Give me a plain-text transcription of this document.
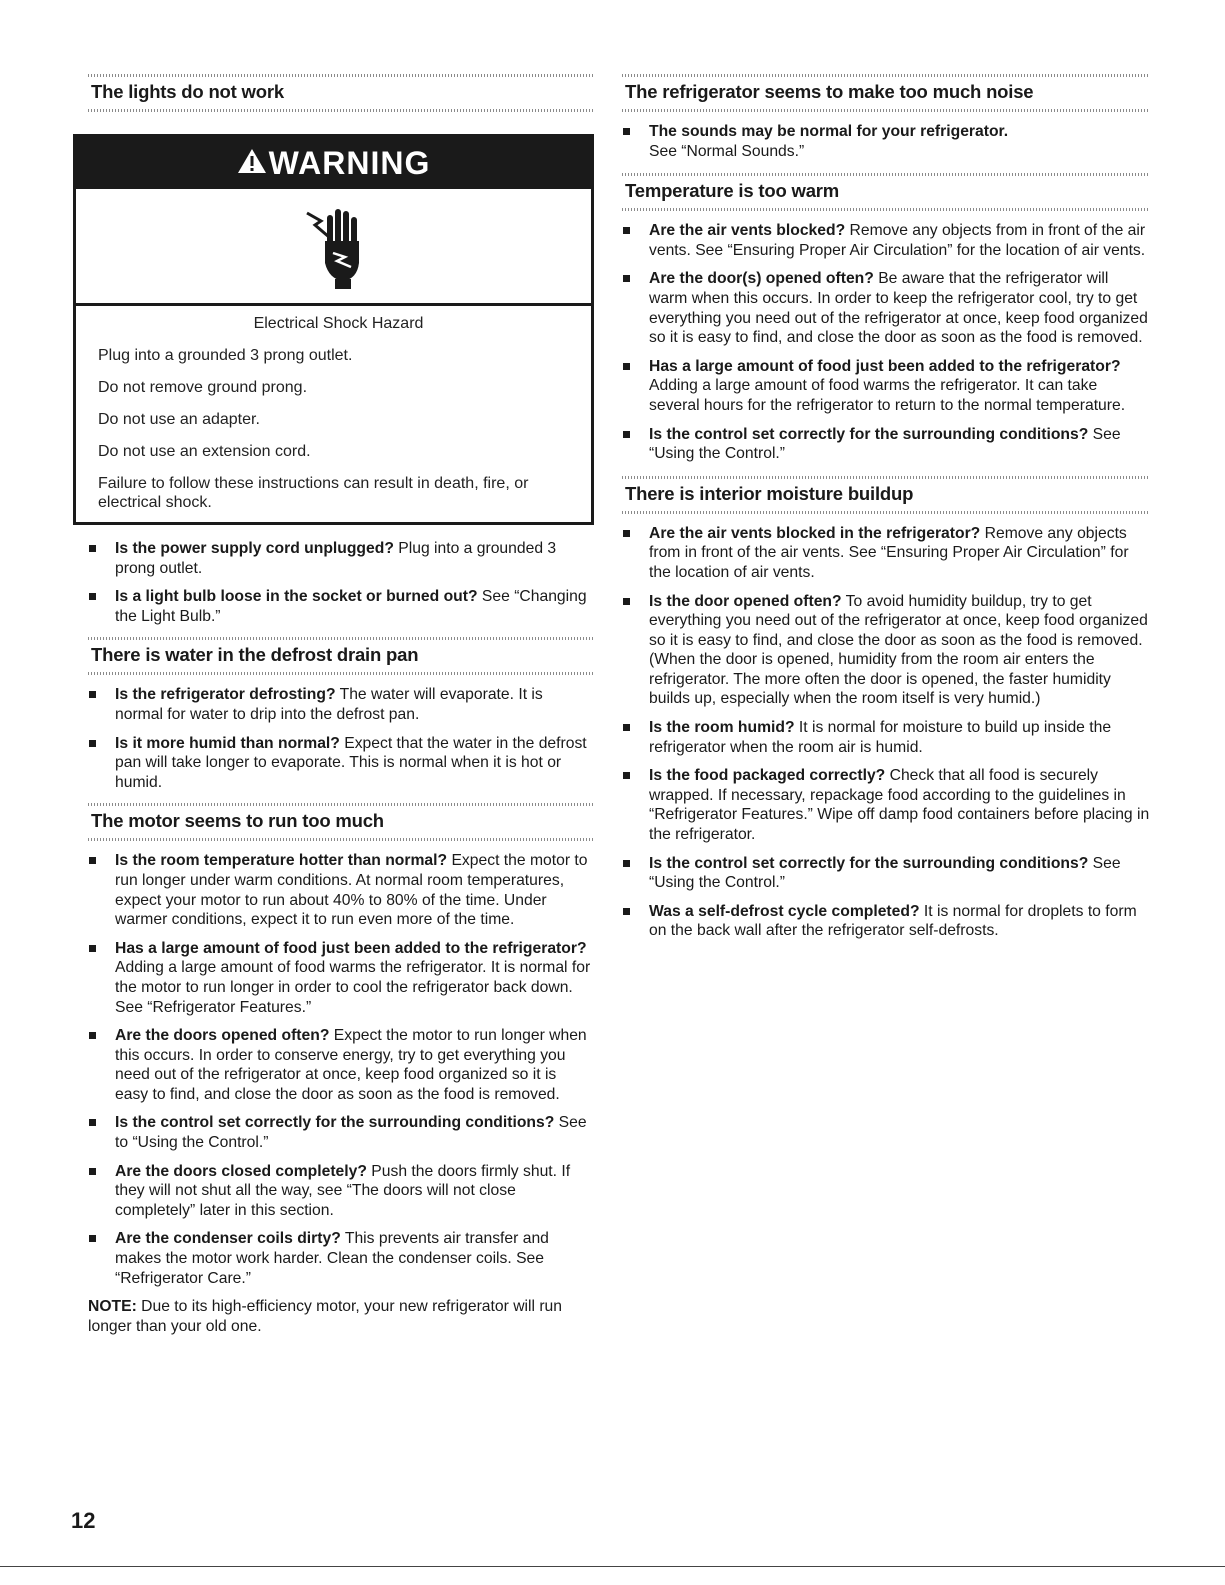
The lights do not work
WARNING

Electrical Shock Hazard

Plug into a grounded 3 prong outlet.

Do not remove ground prong.

Do not use an adapter.

Do not use an extension cord.

Failure to follow these instructions can result in death, fire, or electrical shock.

Is the power supply cord unplugged? Plug into a grounded 3 prong outlet.
Is a light bulb loose in the socket or burned out? See “Changing the Light Bulb.”
There is water in the defrost drain pan
Is the refrigerator defrosting? The water will evaporate. It is normal for water to drip into the defrost pan.
Is it more humid than normal? Expect that the water in the defrost pan will take longer to evaporate. This is normal when it is hot or humid.
The motor seems to run too much
Is the room temperature hotter than normal? Expect the motor to run longer under warm conditions. At normal room temperatures, expect your motor to run about 40% to 80% of the time. Under warmer conditions, expect it to run even more of the time.
Has a large amount of food just been added to the refrigerator? Adding a large amount of food warms the refrigerator. It is normal for the motor to run longer in order to cool the refrigerator back down. See “Refrigerator Features.”
Are the doors opened often? Expect the motor to run longer when this occurs. In order to conserve energy, try to get everything you need out of the refrigerator at once, keep food organized so it is easy to find, and close the door as soon as the food is removed.
Is the control set correctly for the surrounding conditions? See to “Using the Control.”
Are the doors closed completely? Push the doors firmly shut. If they will not shut all the way, see “The doors will not close completely” later in this section.
Are the condenser coils dirty? This prevents air transfer and makes the motor work harder. Clean the condenser coils. See “Refrigerator Care.”
NOTE: Due to its high-efficiency motor, your new refrigerator will run longer than your old one.
The refrigerator seems to make too much noise
The sounds may be normal for your refrigerator.
See “Normal Sounds.”
Temperature is too warm
Are the air vents blocked? Remove any objects from in front of the air vents. See “Ensuring Proper Air Circulation” for the location of air vents.
Are the door(s) opened often? Be aware that the refrigerator will warm when this occurs. In order to keep the refrigerator cool, try to get everything you need out of the refrigerator at once, keep food organized so it is easy to find, and close the door as soon as the food is removed.
Has a large amount of food just been added to the refrigerator? Adding a large amount of food warms the refrigerator. It can take several hours for the refrigerator to return to the normal temperature.
Is the control set correctly for the surrounding conditions? See “Using the Control.”
There is interior moisture buildup
Are the air vents blocked in the refrigerator? Remove any objects from in front of the air vents. See “Ensuring Proper Air Circulation” for the location of air vents.
Is the door opened often? To avoid humidity buildup, try to get everything you need out of the refrigerator at once, keep food organized so it is easy to find, and close the door as soon as the food is removed. (When the door is opened, humidity from the room air enters the refrigerator. The more often the door is opened, the faster humidity builds up, especially when the room itself is very humid.)
Is the room humid? It is normal for moisture to build up inside the refrigerator when the room air is humid.
Is the food packaged correctly? Check that all food is securely wrapped. If necessary, repackage food according to the guidelines in “Refrigerator Features.” Wipe off damp food containers before placing in the refrigerator.
Is the control set correctly for the surrounding conditions? See “Using the Control.”
Was a self-defrost cycle completed? It is normal for droplets to form on the back wall after the refrigerator self-defrosts.
12
